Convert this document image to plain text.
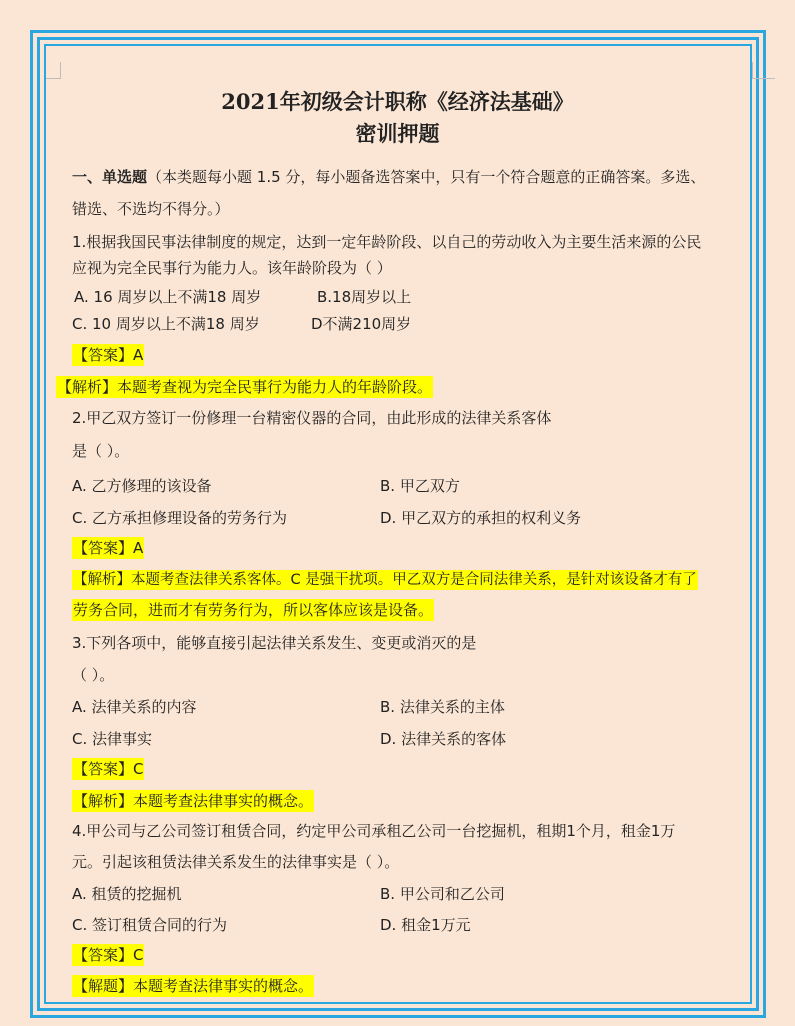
2021年初级会计职称《经济法基础》
密训押题
一、单选题（本类题每小题 1.5 分，每小题备选答案中，只有一个符合题意的正确答案。多选、
错选、不选均不得分。）
1.根据我国民事法律制度的规定，达到一定年龄阶段、以自己的劳动收入为主要生活来源的公民
应视为完全民事行为能力人。该年龄阶段为（ ）
A. 16 周岁以上不满18 周岁	B.18周岁以上
C. 10 周岁以上不满18 周岁	D不满210周岁
【答案】A
【解析】本题考查视为完全民事行为能力人的年龄阶段。
2.甲乙双方签订一份修理一台精密仪器的合同，由此形成的法律关系客体
是（ ）。
A. 乙方修理的该设备	B. 甲乙双方
C. 乙方承担修理设备的劳务行为	D. 甲乙双方的承担的权利义务
【答案】A
【解析】本题考查法律关系客体。C 是强干扰项。甲乙双方是合同法律关系，是针对该设备才有了
劳务合同，进而才有劳务行为，所以客体应该是设备。
3.下列各项中，能够直接引起法律关系发生、变更或消灭的是
（ ）。
A. 法律关系的内容	B. 法律关系的主体
C. 法律事实	D. 法律关系的客体
【答案】C
【解析】本题考查法律事实的概念。
4.甲公司与乙公司签订租赁合同，约定甲公司承租乙公司一台挖掘机，租期1个月，租金1万
元。引起该租赁法律关系发生的法律事实是（ ）。
A. 租赁的挖掘机	B. 甲公司和乙公司
C. 签订租赁合同的行为	D. 租金1万元
【答案】C
【解题】本题考查法律事实的概念。
